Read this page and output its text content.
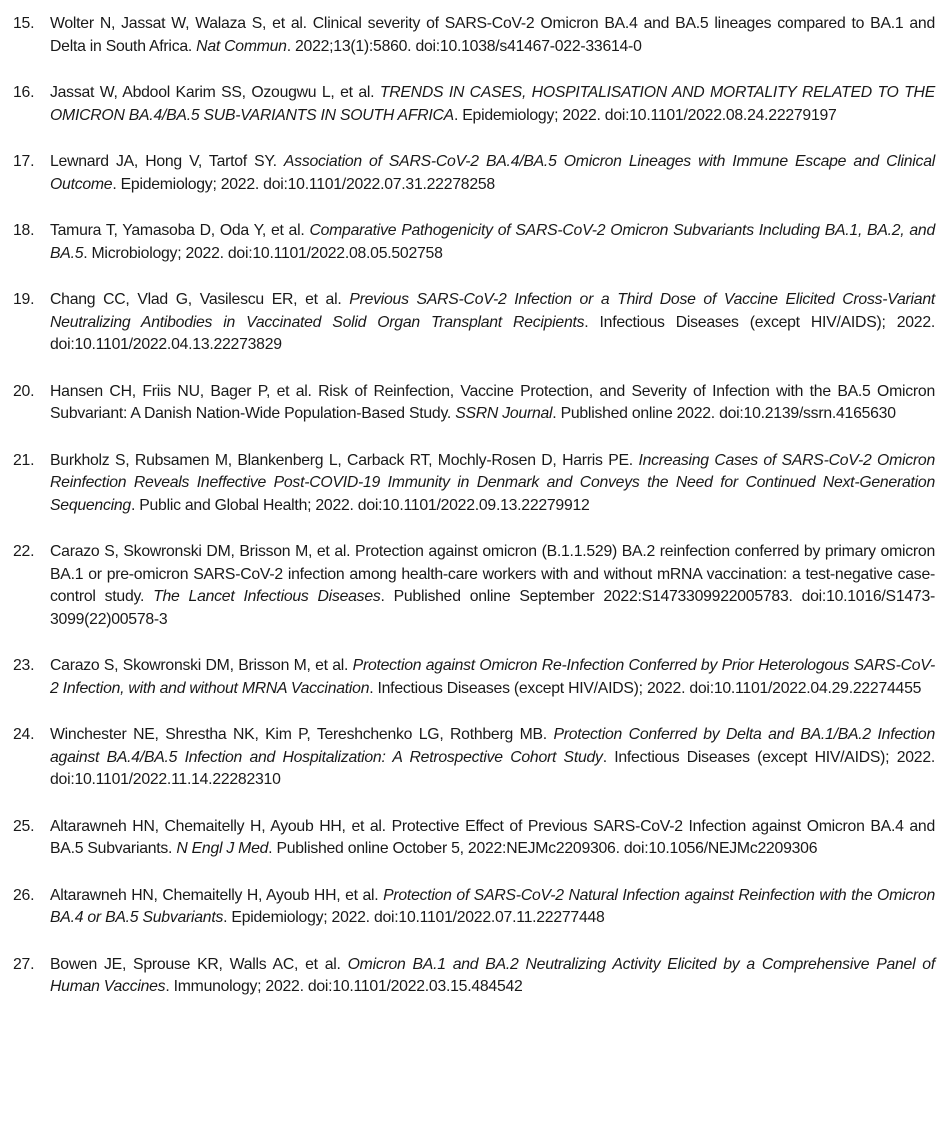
15. Wolter N, Jassat W, Walaza S, et al. Clinical severity of SARS-CoV-2 Omicron BA.4 and BA.5 lineages compared to BA.1 and Delta in South Africa. Nat Commun. 2022;13(1):5860. doi:10.1038/s41467-022-33614-0
16. Jassat W, Abdool Karim SS, Ozougwu L, et al. TRENDS IN CASES, HOSPITALISATION AND MORTALITY RELATED TO THE OMICRON BA.4/BA.5 SUB-VARIANTS IN SOUTH AFRICA. Epidemiology; 2022. doi:10.1101/2022.08.24.22279197
17. Lewnard JA, Hong V, Tartof SY. Association of SARS-CoV-2 BA.4/BA.5 Omicron Lineages with Immune Escape and Clinical Outcome. Epidemiology; 2022. doi:10.1101/2022.07.31.22278258
18. Tamura T, Yamasoba D, Oda Y, et al. Comparative Pathogenicity of SARS-CoV-2 Omicron Subvariants Including BA.1, BA.2, and BA.5. Microbiology; 2022. doi:10.1101/2022.08.05.502758
19. Chang CC, Vlad G, Vasilescu ER, et al. Previous SARS-CoV-2 Infection or a Third Dose of Vaccine Elicited Cross-Variant Neutralizing Antibodies in Vaccinated Solid Organ Transplant Recipients. Infectious Diseases (except HIV/AIDS); 2022. doi:10.1101/2022.04.13.22273829
20. Hansen CH, Friis NU, Bager P, et al. Risk of Reinfection, Vaccine Protection, and Severity of Infection with the BA.5 Omicron Subvariant: A Danish Nation-Wide Population-Based Study. SSRN Journal. Published online 2022. doi:10.2139/ssrn.4165630
21. Burkholz S, Rubsamen M, Blankenberg L, Carback RT, Mochly-Rosen D, Harris PE. Increasing Cases of SARS-CoV-2 Omicron Reinfection Reveals Ineffective Post-COVID-19 Immunity in Denmark and Conveys the Need for Continued Next-Generation Sequencing. Public and Global Health; 2022. doi:10.1101/2022.09.13.22279912
22. Carazo S, Skowronski DM, Brisson M, et al. Protection against omicron (B.1.1.529) BA.2 reinfection conferred by primary omicron BA.1 or pre-omicron SARS-CoV-2 infection among health-care workers with and without mRNA vaccination: a test-negative case-control study. The Lancet Infectious Diseases. Published online September 2022:S1473309922005783. doi:10.1016/S1473-3099(22)00578-3
23. Carazo S, Skowronski DM, Brisson M, et al. Protection against Omicron Re-Infection Conferred by Prior Heterologous SARS-CoV-2 Infection, with and without MRNA Vaccination. Infectious Diseases (except HIV/AIDS); 2022. doi:10.1101/2022.04.29.22274455
24. Winchester NE, Shrestha NK, Kim P, Tereshchenko LG, Rothberg MB. Protection Conferred by Delta and BA.1/BA.2 Infection against BA.4/BA.5 Infection and Hospitalization: A Retrospective Cohort Study. Infectious Diseases (except HIV/AIDS); 2022. doi:10.1101/2022.11.14.22282310
25. Altarawneh HN, Chemaitelly H, Ayoub HH, et al. Protective Effect of Previous SARS-CoV-2 Infection against Omicron BA.4 and BA.5 Subvariants. N Engl J Med. Published online October 5, 2022:NEJMc2209306. doi:10.1056/NEJMc2209306
26. Altarawneh HN, Chemaitelly H, Ayoub HH, et al. Protection of SARS-CoV-2 Natural Infection against Reinfection with the Omicron BA.4 or BA.5 Subvariants. Epidemiology; 2022. doi:10.1101/2022.07.11.22277448
27. Bowen JE, Sprouse KR, Walls AC, et al. Omicron BA.1 and BA.2 Neutralizing Activity Elicited by a Comprehensive Panel of Human Vaccines. Immunology; 2022. doi:10.1101/2022.03.15.484542
